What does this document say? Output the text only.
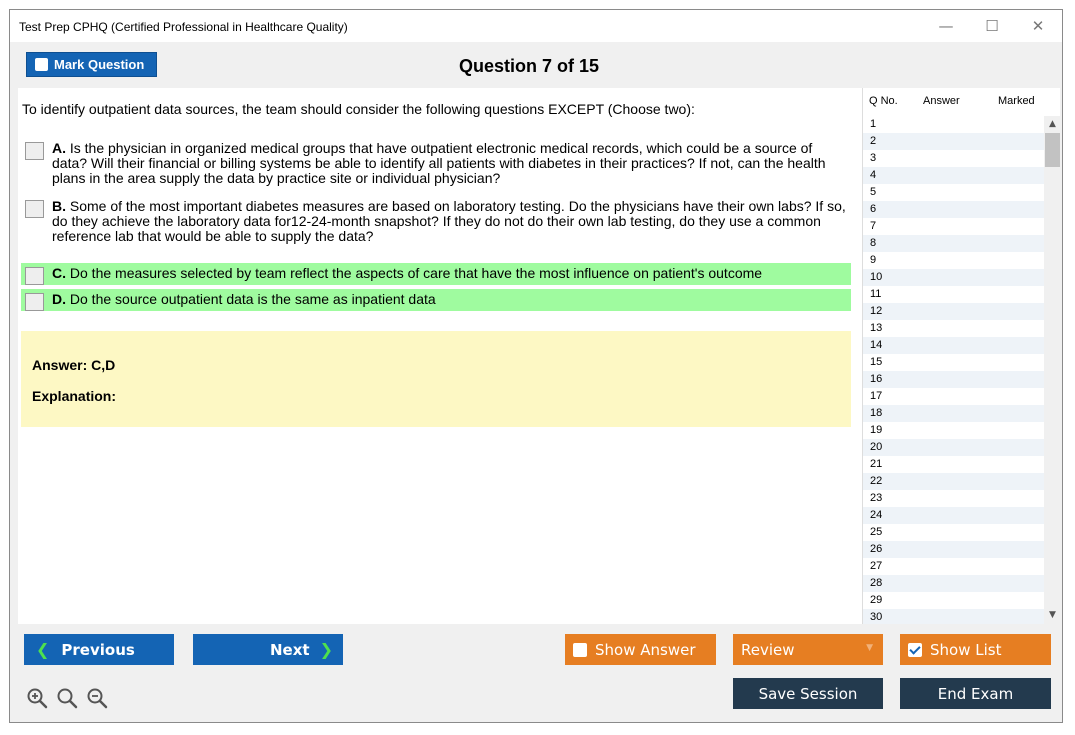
Test Prep CPHQ (Certified Professional in Healthcare Quality)	—	☐	✕
Mark Question	Question 7 of 15
To identify outpatient data sources, the team should consider the following questions EXCEPT (Choose two):
A. Is the physician in organized medical groups that have outpatient electronic medical records, which could be a source of data? Will their financial or billing systems be able to identify all patients with diabetes in their practices? If not, can the health plans in the area supply the data by practice site or individual physician?
B. Some of the most important diabetes measures are based on laboratory testing. Do the physicians have their own labs? If so, do they achieve the laboratory data for12-24-month snapshot? If they do not do their own lab testing, do they use a common reference lab that would be able to supply the data?
C. Do the measures selected by team reflect the aspects of care that have the most influence on patient's outcome
D. Do the source outpatient data is the same as inpatient data
Answer: C,D
Explanation:
Q No. Answer	Marked
1
2
3
4
5
6
7
8
9
10
11
12
13
14
15
16
17
18
19
20
21
22
23
24
25
26
27
28
29
30
▲
▼
❮ Previous	Next ❯	Show Answer	Review	▼	Show List
Save Session	End Exam
